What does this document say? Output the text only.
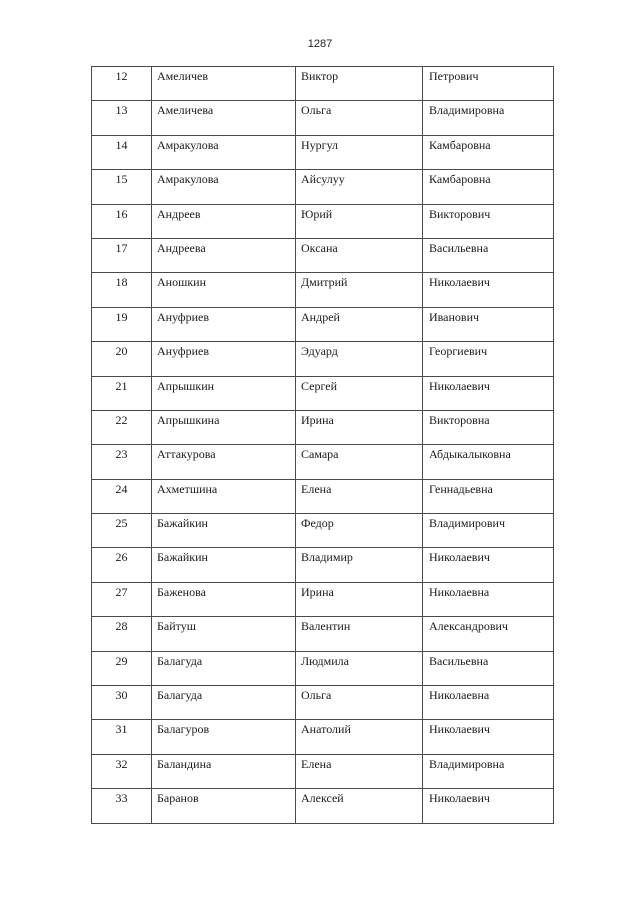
1287
12	Амеличев	Виктор	Петрович

13	Амеличева	Ольга	Владимировна

14	Амракулова	Нургул	Камбаровна

15	Амракулова	Айсулуу	Камбаровна

16	Андреев	Юрий	Викторович

17	Андреева	Оксана	Васильевна

18	Аношкин	Дмитрий	Николаевич

19	Ануфриев	Андрей	Иванович

20	Ануфриев	Эдуард	Георгиевич

21	Апрышкин	Сергей	Николаевич

22	Апрышкина	Ирина	Викторовна

23	Аттакурова	Самара	Абдыкалыковна

24	Ахметшина	Елена	Геннадьевна

25	Бажайкин	Федор	Владимирович

26	Бажайкин	Владимир	Николаевич

27	Баженова	Ирина	Николаевна

28	Байтуш	Валентин	Александрович

29	Балагуда	Людмила	Васильевна

30	Балагуда	Ольга	Николаевна

31	Балагуров	Анатолий	Николаевич

32	Баландина	Елена	Владимировна

33	Баранов	Алексей	Николаевич
